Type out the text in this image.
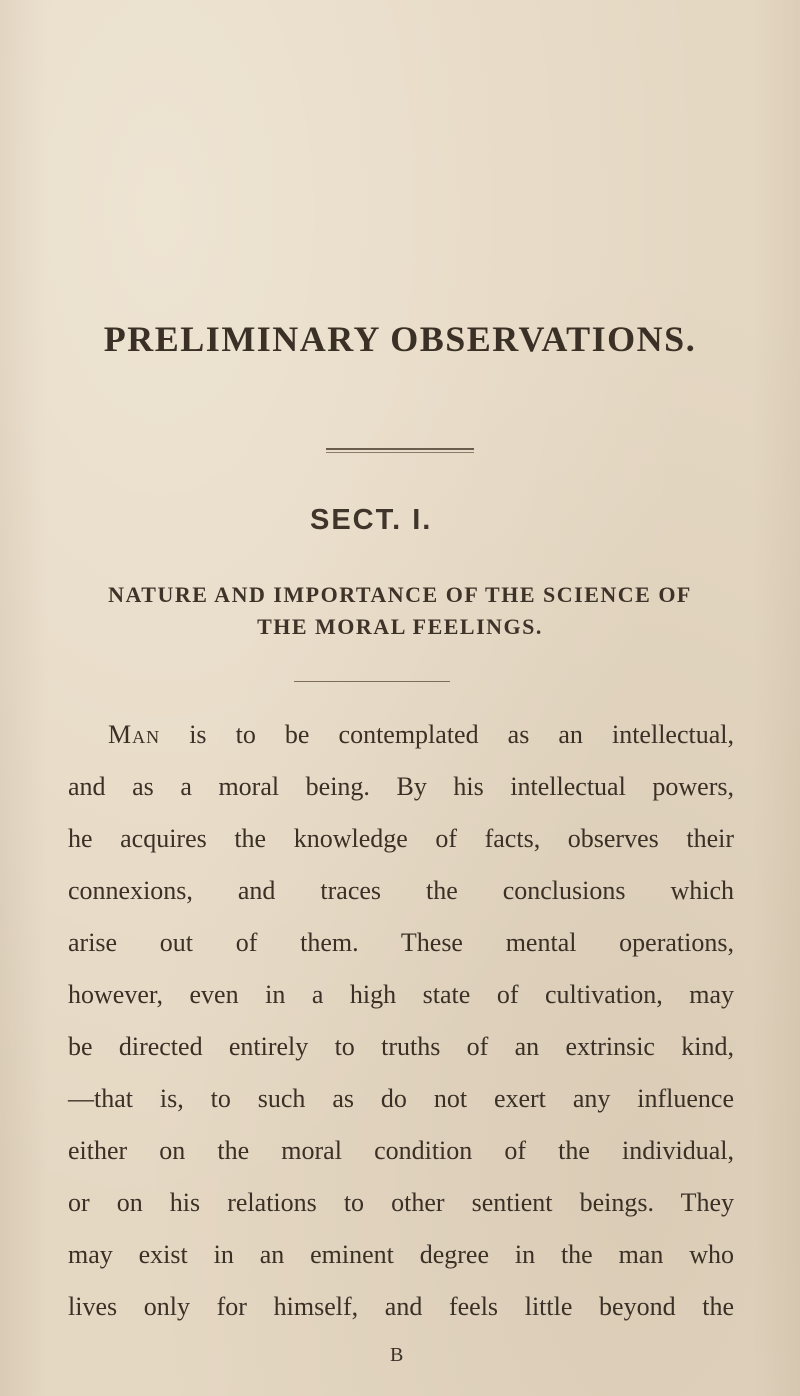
PRELIMINARY OBSERVATIONS.
SECT. I.
NATURE AND IMPORTANCE OF THE SCIENCE OF
THE MORAL FEELINGS.

Man is to be contemplated as an intellectual,

and as a moral being. By his intellectual powers,

he acquires the knowledge of facts, observes their

connexions, and traces the conclusions which

arise out of them. These mental operations,

however, even in a high state of cultivation, may

be directed entirely to truths of an extrinsic kind,

—that is, to such as do not exert any influence

either on the moral condition of the individual,

or on his relations to other sentient beings. They

may exist in an eminent degree in the man who

lives only for himself, and feels little beyond the

B
